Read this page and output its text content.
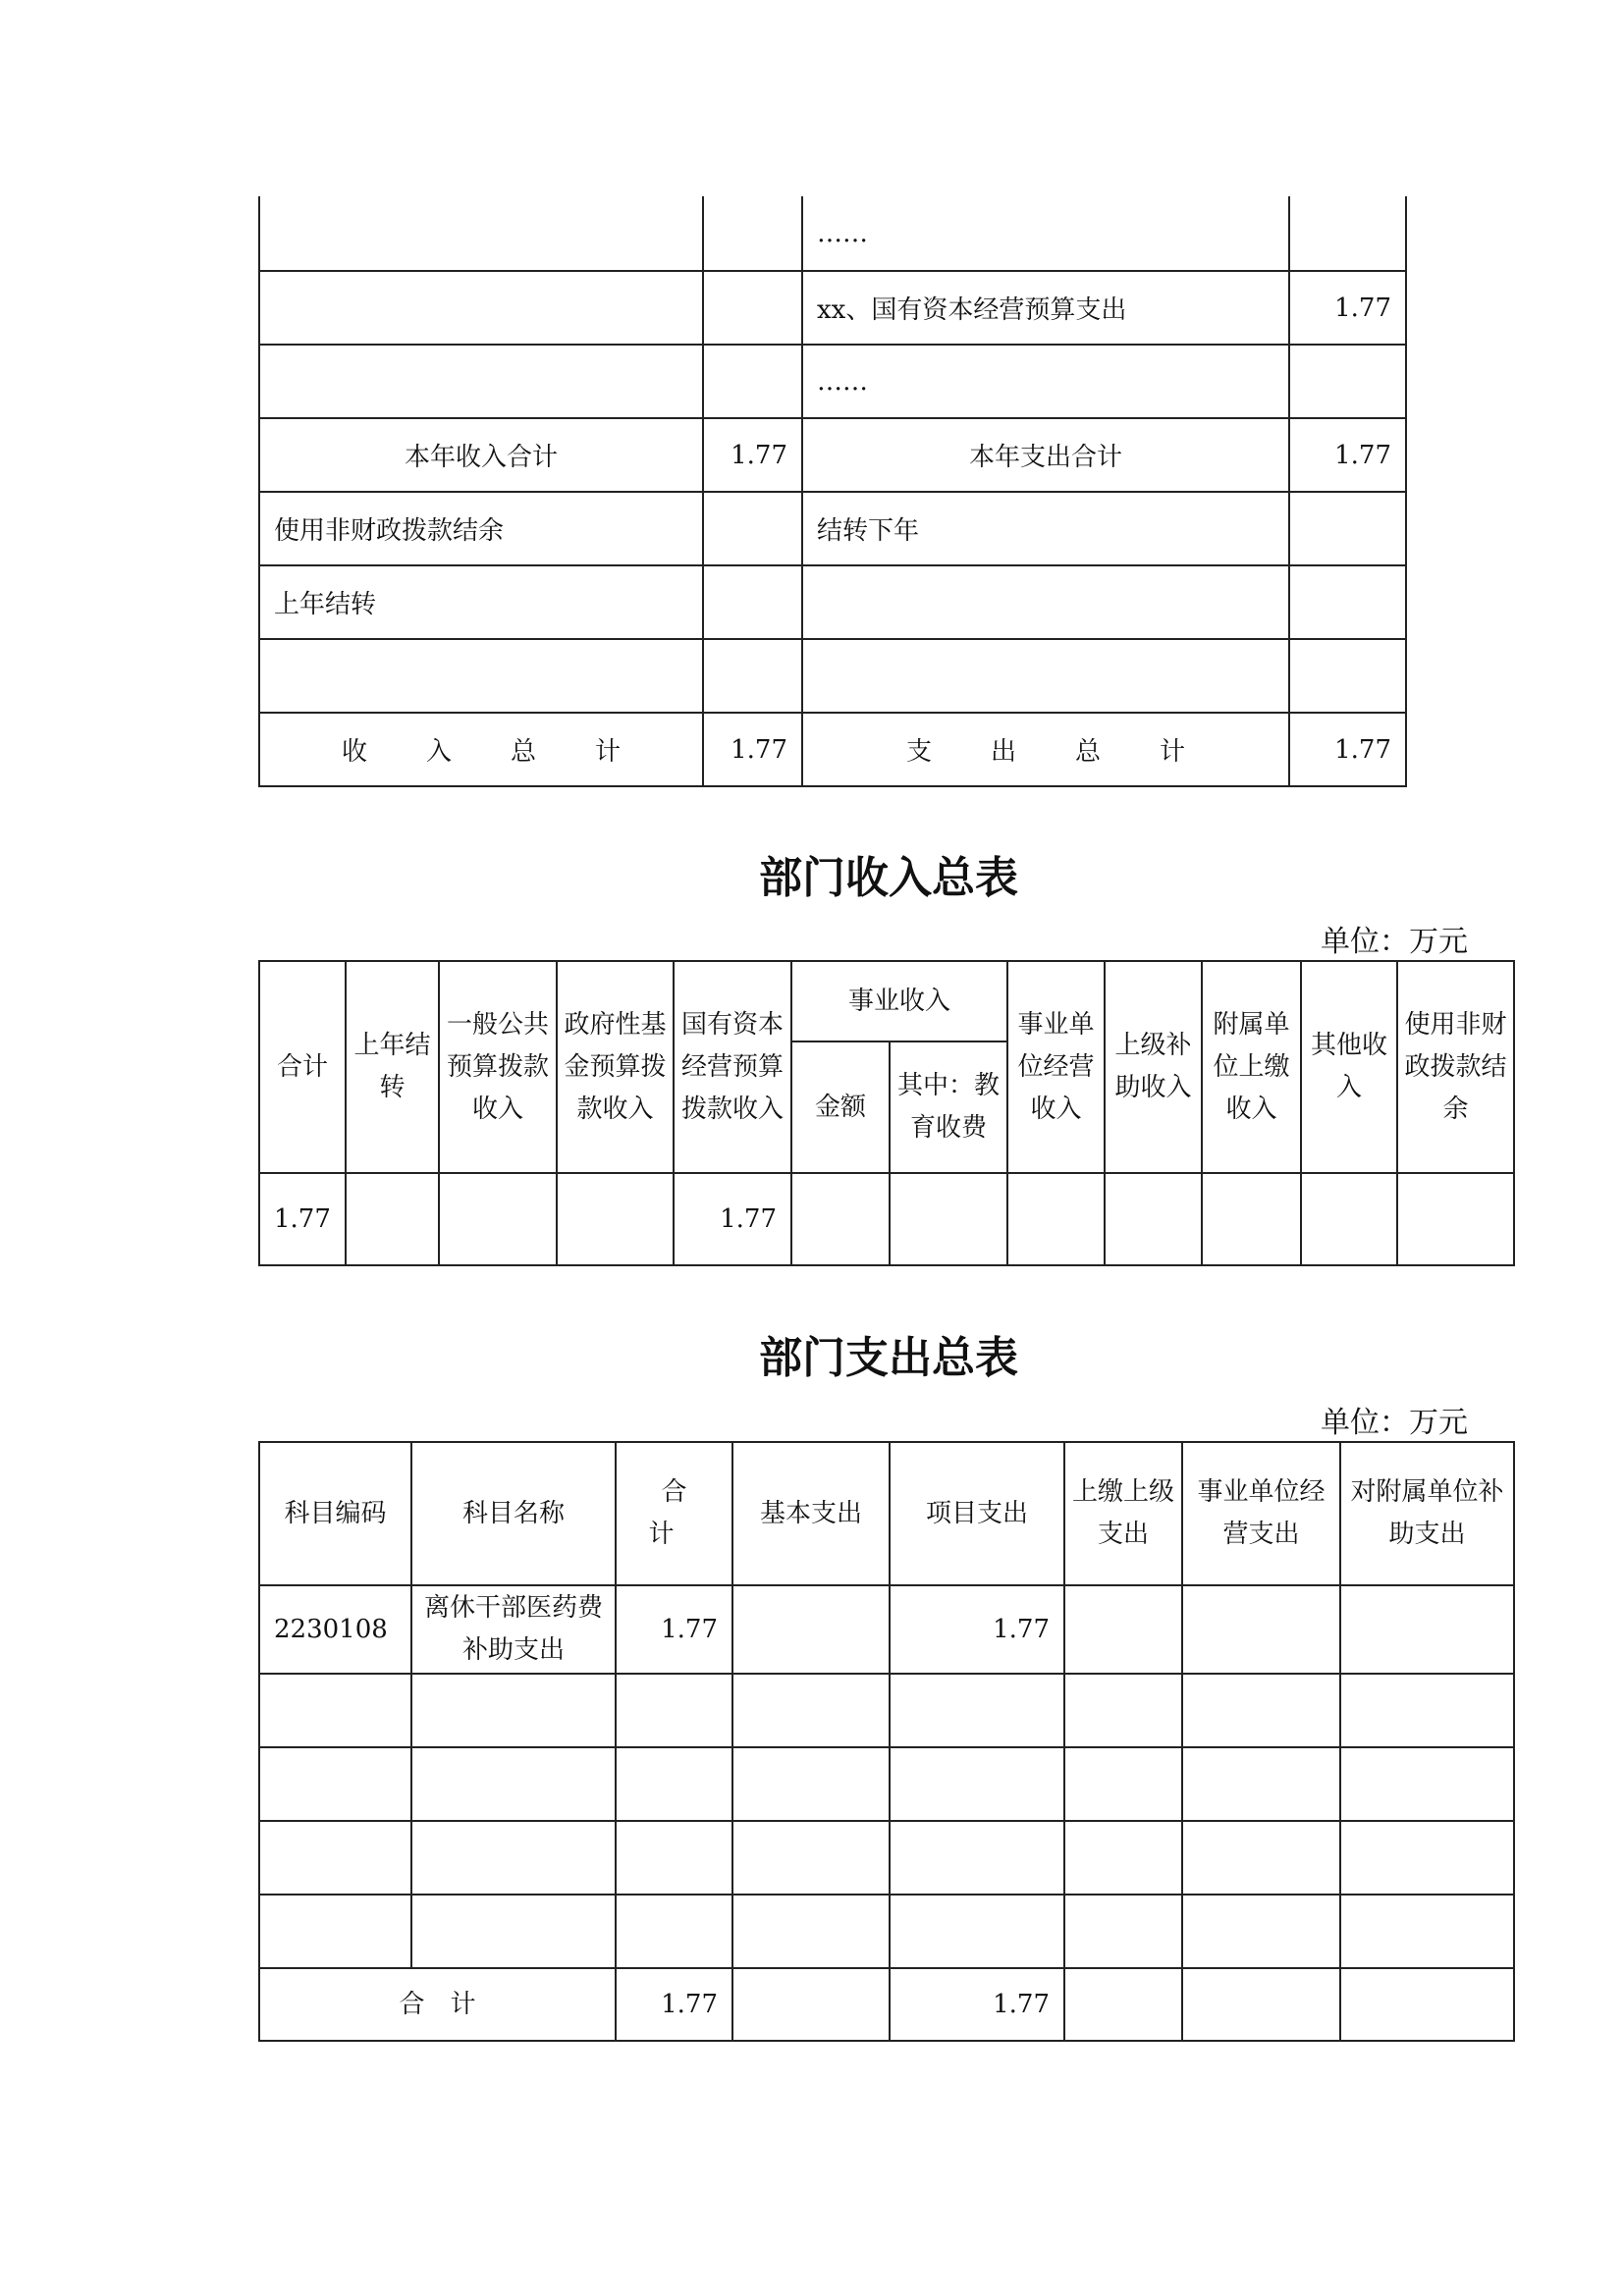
		……	
		xx、国有资本经营预算支出	1.77
		……	
本年收入合计	1.77	本年支出合计	1.77
使用非财政拨款结余		结转下年	
上年结转			

收入总计	1.77	支出总计	1.77
部门收入总表
单位：万元
合计	上年结转	一般公共预算拨款收入	政府性基金预算拨款收入	国有资本经营预算拨款收入	事业收入		事业单位经营收入	上级补助收入	附属单位上缴收入	其他收入	使用非财政拨款结余
					金额	其中：教育收费					
1.77				1.77							
部门支出总表
单位：万元
科目编码	科目名称	合计	基本支出	项目支出	上缴上级支出	事业单位经营支出	对附属单位补助支出
2230108	离休干部医药费补助支出	1.77		1.77			

合计		1.77		1.77			
